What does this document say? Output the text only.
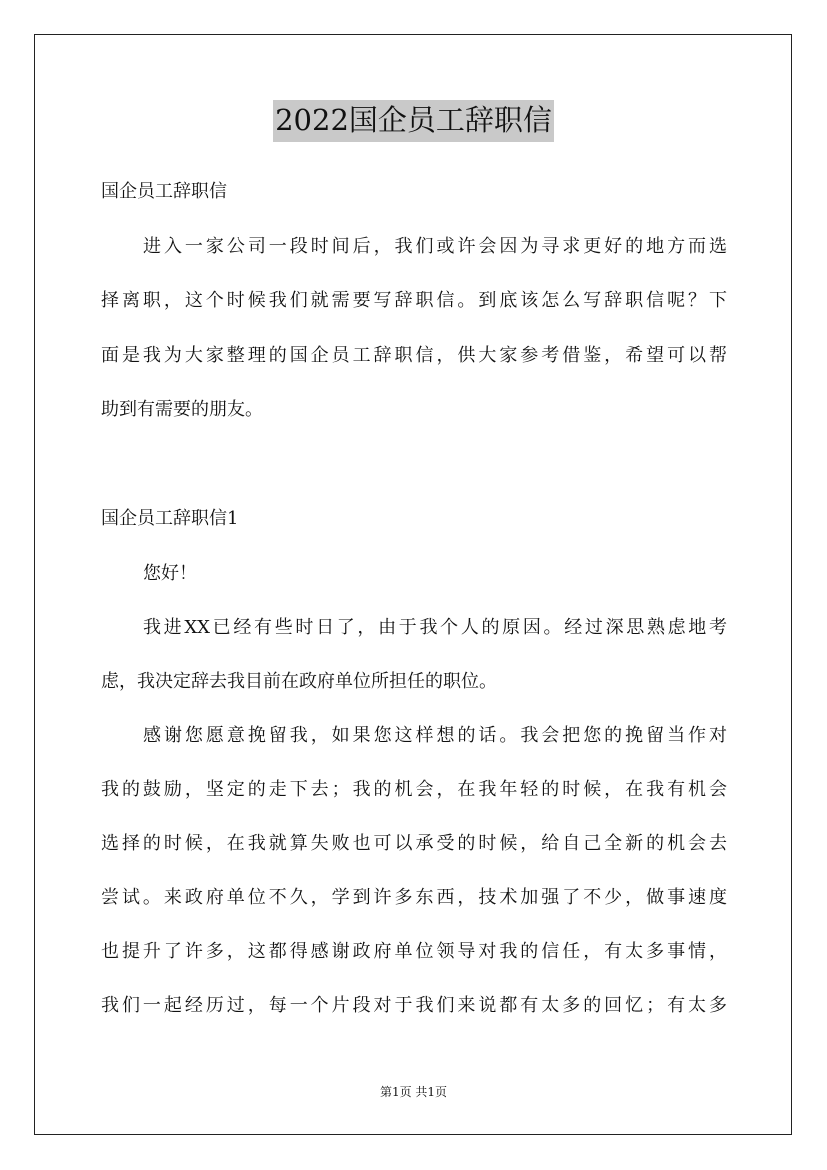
2022国企员工辞职信
国企员工辞职信
进入一家公司一段时间后，我们或许会因为寻求更好的地方而选
择离职，这个时候我们就需要写辞职信。到底该怎么写辞职信呢？下
面是我为大家整理的国企员工辞职信，供大家参考借鉴，希望可以帮
助到有需要的朋友。
国企员工辞职信1
您好！
我进XX已经有些时日了，由于我个人的原因。经过深思熟虑地考
虑，我决定辞去我目前在政府单位所担任的职位。
感谢您愿意挽留我，如果您这样想的话。我会把您的挽留当作对
我的鼓励，坚定的走下去；我的机会，在我年轻的时候，在我有机会
选择的时候，在我就算失败也可以承受的时候，给自己全新的机会去
尝试。来政府单位不久，学到许多东西，技术加强了不少，做事速度
也提升了许多，这都得感谢政府单位领导对我的信任，有太多事情，
我们一起经历过，每一个片段对于我们来说都有太多的回忆；有太多
第1页 共1页
